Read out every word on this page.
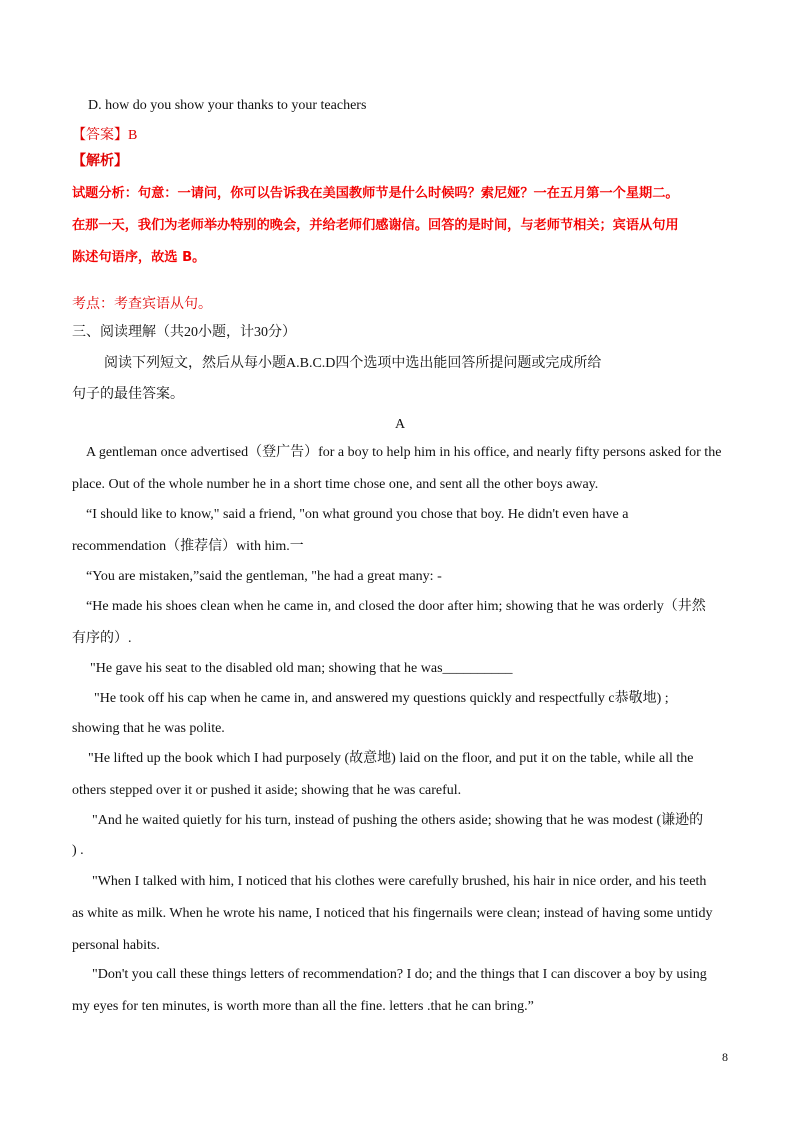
D. how do you show your thanks to your teachers
【答案】B
【解析】
试题分析：句意：一请问，你可以告诉我在美国教师节是什么时候吗？索尼娅？一在五月第一个星期二。
在那一天，我们为老师举办特别的晚会，并给老师们感谢信。回答的是时间，与老师节相关；宾语从句用
陈述句语序，故选 B。
考点：考查宾语从句。
三、阅读理解（共20小题，计30分）
阅读下列短文，然后从每小题A.B.C.D四个选项中选出能回答所提问题或完成所给
句子的最佳答案。
A
A gentleman once advertised（登广告）for a boy to help him in his office, and nearly fifty persons asked for the
place. Out of the whole number he in a short time chose one, and sent all the other boys away.
“I should like to know," said a friend, "on what ground you chose that boy. He didn't even have a
recommendation（推荐信）with him.一
“You are mistaken,”said the gentleman, "he had a great many: -
“He made his shoes clean when he came in, and closed the door after him; showing that he was orderly（井然
有序的）.
"He gave his seat to the disabled old man; showing that he was__________
"He took off his cap when he came in, and answered my questions quickly and respectfully c恭敬地) ;
showing that he was polite.
"He lifted up the book which I had purposely (故意地) laid on the floor, and put it on the table, while all the
others stepped over it or pushed it aside; showing that he was careful.
"And he waited quietly for his turn, instead of pushing the others aside; showing that he was modest (谦逊的
) .
"When I talked with him, I noticed that his clothes were carefully brushed, his hair in nice order, and his teeth
as white as milk. When he wrote his name, I noticed that his fingernails were clean; instead of having some untidy
personal habits.
"Don't you call these things letters of recommendation? I do; and the things that I can discover a boy by using
my eyes for ten minutes, is worth more than all the fine. letters .that he can bring.”
8
